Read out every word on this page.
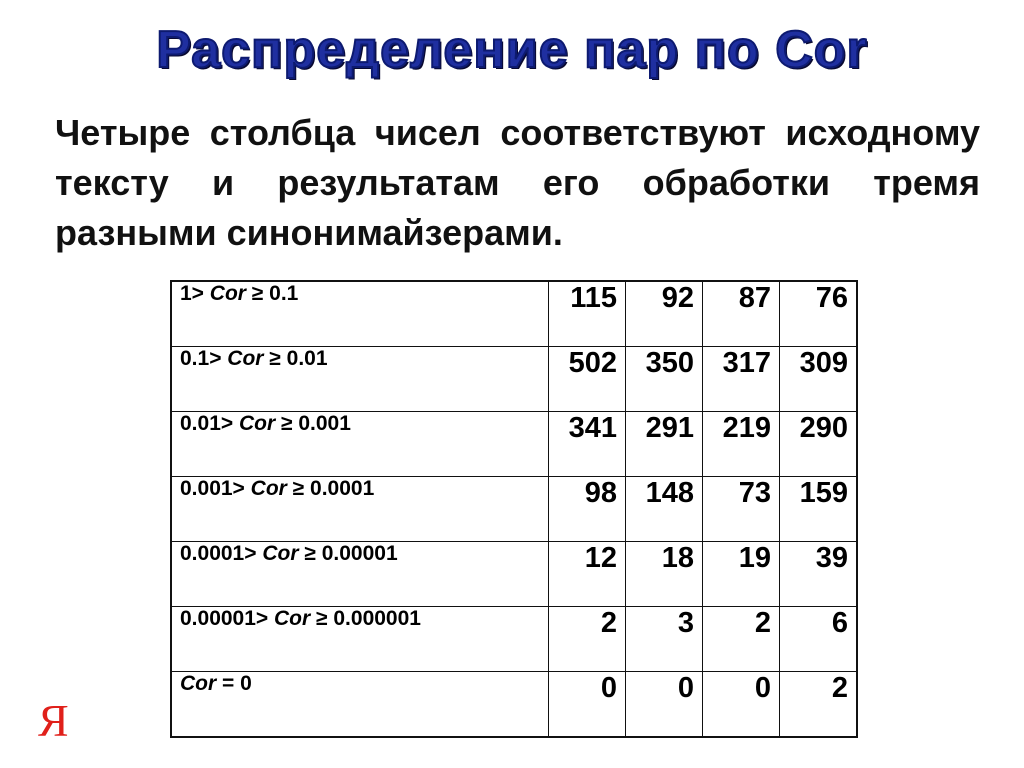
Распределение пар по Cor
Четыре столбца чисел соответствуют исходному тексту и результатам его обработки тремя разными синонимайзерами.
1> Cor ≥ 0.1	115	92	87	76
0.1> Cor ≥ 0.01	502	350	317	309
0.01> Cor ≥ 0.001	341	291	219	290
0.001> Cor ≥ 0.0001	98	148	73	159
0.0001> Cor ≥ 0.00001	12	18	19	39
0.00001> Cor ≥ 0.000001	2	3	2	6
Cor = 0	0	0	0	2
Я
